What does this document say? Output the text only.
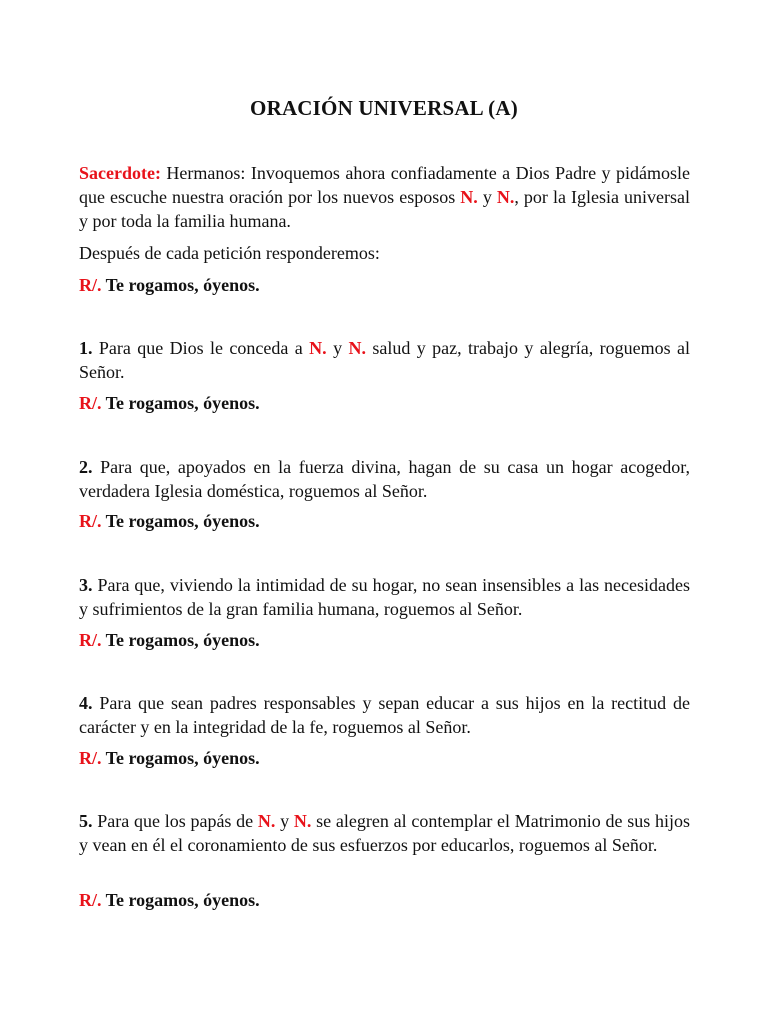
ORACIÓN UNIVERSAL (A)
Sacerdote: Hermanos: Invoquemos ahora confiadamente a Dios Padre y pidámosle que escuche nuestra oración por los nuevos esposos N. y N., por la Iglesia universal y por toda la familia humana.
Después de cada petición responderemos:
R/. Te rogamos, óyenos.
1. Para que Dios le conceda a N. y N. salud y paz, trabajo y alegría, roguemos al Señor.
R/. Te rogamos, óyenos.
2. Para que, apoyados en la fuerza divina, hagan de su casa un hogar acogedor, verdadera Iglesia doméstica, roguemos al Señor.
R/. Te rogamos, óyenos.
3. Para que, viviendo la intimidad de su hogar, no sean insensibles a las necesidades y sufrimientos de la gran familia humana, roguemos al Señor.
R/. Te rogamos, óyenos.
4. Para que sean padres responsables y sepan educar a sus hijos en la rectitud de carácter y en la integridad de la fe, roguemos al Señor.
R/. Te rogamos, óyenos.
5. Para que los papás de N. y N. se alegren al contemplar el Matrimonio de sus hijos y vean en él el coronamiento de sus esfuerzos por educarlos, roguemos al Señor.
R/. Te rogamos, óyenos.
